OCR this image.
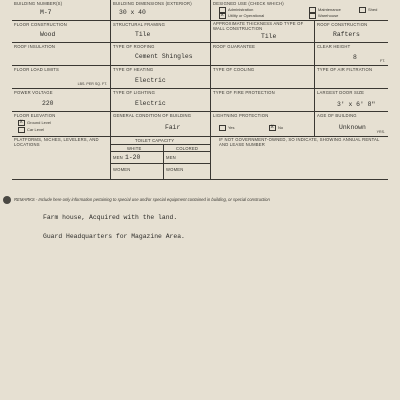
BUILDING NUMBER(S)
M-7
BUILDING DIMENSIONS (EXTERIOR)
30 x 40
DESIGNED USE (CHECK WHICH)
Administration	Maintenance	Shed
XUtility or Operational	Warehouse
FLOOR CONSTRUCTION
Wood
STRUCTURAL FRAMING
Tile
APPROXIMATE THICKNESS AND TYPE OF WALL CONSTRUCTION
Tile
ROOF CONSTRUCTION
Rafters
ROOF INSULATION	TYPE OF ROOFING
Cement Shingles
ROOF GUARANTEE	CLEAR HEIGHT
8	FT.
FLOOR LOAD LIMITS
LBS. PER SQ. FT.
TYPE OF HEATING
Electric
TYPE OF COOLING	TYPE OF AIR FILTRATION
POWER VOLTAGE
220
TYPE OF LIGHTING
Electric
TYPE OF FIRE PROTECTION	LARGEST DOOR SIZE
3' x 6' 8"
FLOOR ELEVATION
XGround Level
Car Level
GENERAL CONDITION OF BUILDING
Fair
LIGHTNING PROTECTION
Yes
X	No
AGE OF BUILDING
Unknown
YRS.
PLATFORMS, NICHES, LEVELERS, AND LOCATIONS
TOILET CAPACITY
WHITE	COLORED
MEN 1-20	MEN
WOMEN	WOMEN
IF NOT GOVERNMENT-OWNED, SO INDICATE, SHOWING ANNUAL RENTAL AND LEASE NUMBER
REMARKS - Include here only information pertaining to special use and/or special equipment contained in building, or special construction
Farm house, Acquired with the land.
Guard Headquarters for Magazine Area.
